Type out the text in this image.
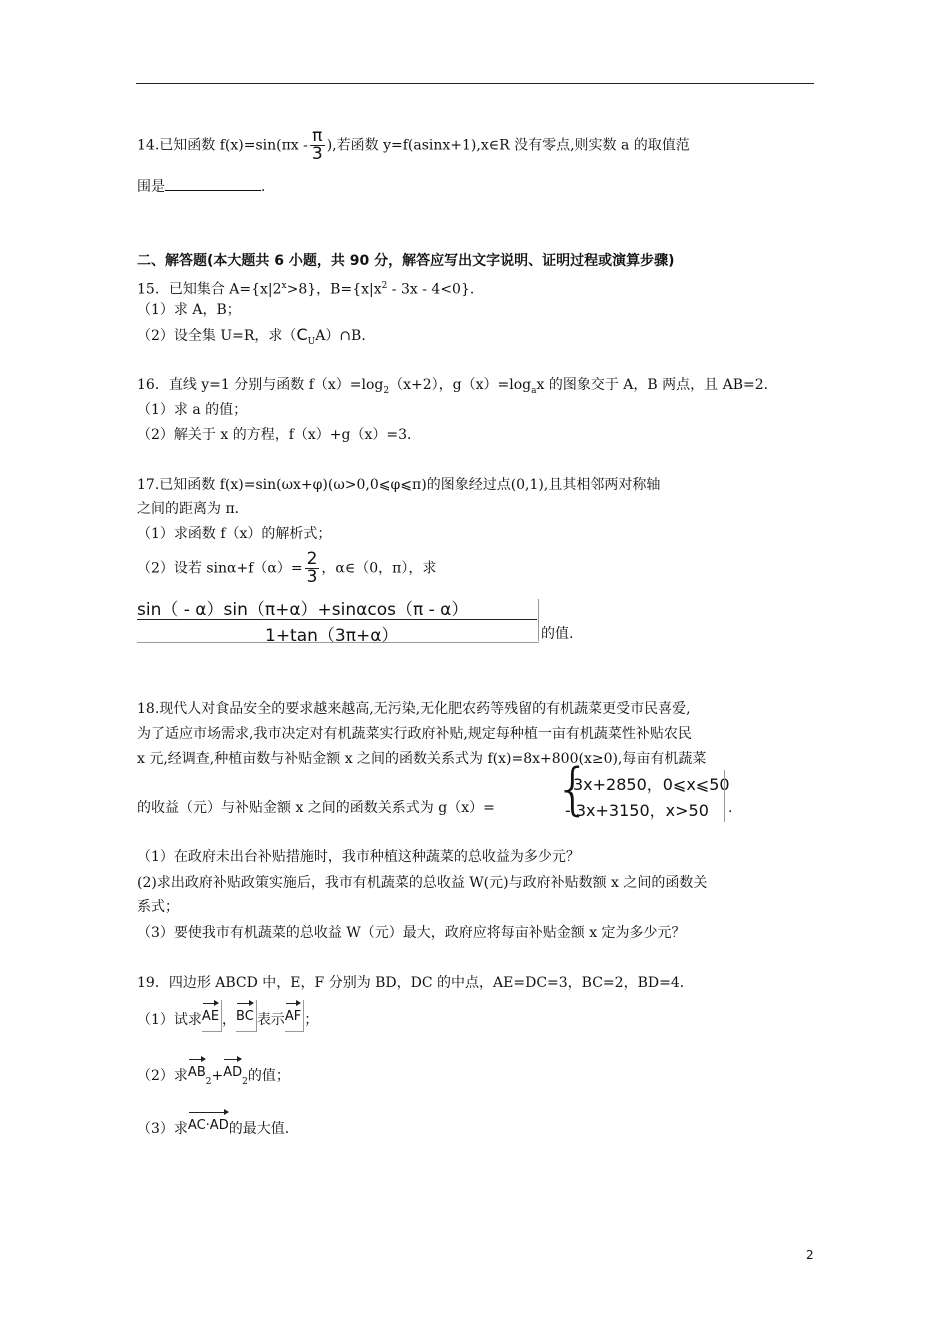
14.已知函数 $f(x)=\sin(\pi x - \frac{\pi}{3}$ ),若函数 y=f(asinx+1),x∈R 没有零点,则实数 a 的取值范
围是	.
二、解答题(本大题共 6 小题，共 90 分，解答应写出文字说明、证明过程或演算步骤)
15．已知集合 $A=\{x|2^x>8\}$，$B=\{x|x^2 - 3x - 4<0\}$．
（1）求 A，B；
（2）设全集 U=R，求$(C_UA)\cap B$．
16．直线 y=1 分别与函数 $f(x)=\log_2(x+2)$，$g(x)=\log_ax$ 的图象交于 A，B 两点，且 AB=2．
（1）求 a 的值；
（2）解关于 x 的方程，f（x）+g（x）=3．
17.已知函数 f(x)=sin(ωx+φ)(ω>0,0⩽φ⩽π)的图象经过点(0,1),且其相邻两对称轴
之间的距离为 π．
（1）求函数 f（x）的解析式；
（2）设若 $\sin\alpha+f(\alpha)= \frac{2}{3}$ ，α∈（0，π），求
sin（ - α）sin（π+α）+sinαcos（π - α）
1+tan（3π+α）	的值.
18.现代人对食品安全的要求越来越高,无污染,无化肥农药等残留的有机蔬菜更受市民喜爱,
为了适应市场需求,我市决定对有机蔬菜实行政府补贴,规定每种植一亩有机蔬菜性补贴农民
x 元,经调查,种植亩数与补贴金额 x 之间的函数关系式为 f(x)=8x+800(x≥0),每亩有机蔬菜
的收益（元）与补贴金额 x 之间的函数关系式为 g（x）= {
3x+2850，0⩽x⩽50
- 3x+3150，x>50 .
（1）在政府未出台补贴措施时，我市种植这种蔬菜的总收益为多少元？
(2)求出政府补贴政策实施后，我市有机蔬菜的总收益 W(元)与政府补贴数额 x 之间的函数关
系式；
（3）要使我市有机蔬菜的总收益 W（元）最大，政府应将每亩补贴金额 x 定为多少元？
19．四边形 ABCD 中，E，F 分别为 BD，DC 的中点，AE=DC=3，BC=2，BD=4．
（1）试求AE ，BC 表示AF ；
（2）求$AB_2+AD_2$的值；
（3）求AC·AD的最大值.
2
